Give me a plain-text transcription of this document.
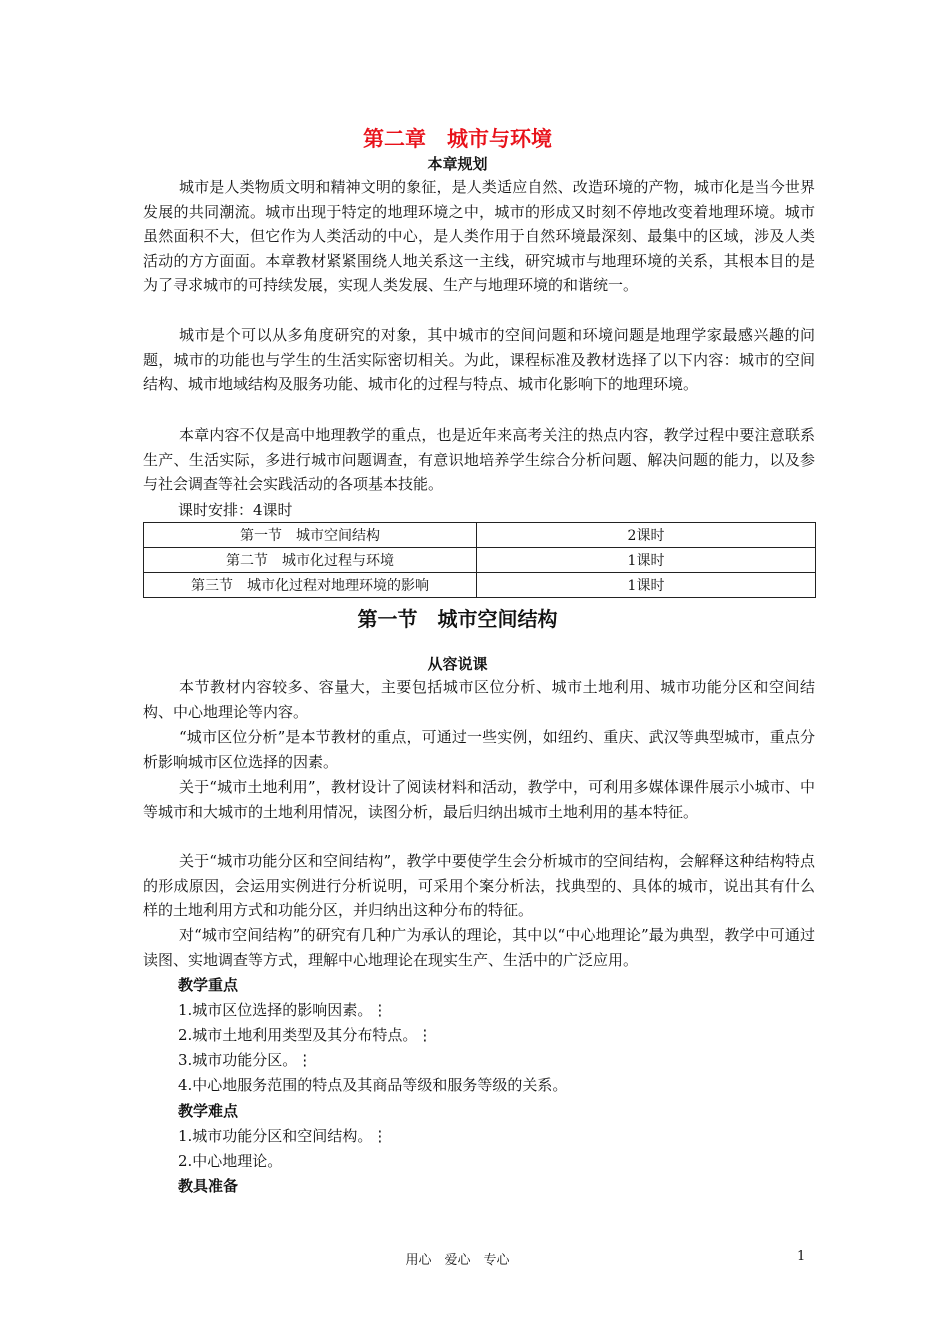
第二章　城市与环境
本章规划

城市是人类物质文明和精神文明的象征，是人类适应自然、改造环境的产物，城市化是当今世界发展的共同潮流。城市出现于特定的地理环境之中，城市的形成又时刻不停地改变着地理环境。城市虽然面积不大，但它作为人类活动的中心，是人类作用于自然环境最深刻、最集中的区域，涉及人类活动的方方面面。本章教材紧紧围绕人地关系这一主线，研究城市与地理环境的关系，其根本目的是为了寻求城市的可持续发展，实现人类发展、生产与地理环境的和谐统一。

城市是个可以从多角度研究的对象，其中城市的空间问题和环境问题是地理学家最感兴趣的问题，城市的功能也与学生的生活实际密切相关。为此，课程标准及教材选择了以下内容：城市的空间结构、城市地域结构及服务功能、城市化的过程与特点、城市化影响下的地理环境。

本章内容不仅是高中地理教学的重点，也是近年来高考关注的热点内容，教学过程中要注意联系生产、生活实际，多进行城市问题调查，有意识地培养学生综合分析问题、解决问题的能力，以及参与社会调查等社会实践活动的各项基本技能。

课时安排：4课时
第一节　城市空间结构	2课时
第二节　城市化过程与环境	1课时
第三节　城市化过程对地理环境的影响	1课时
第一节　城市空间结构
从容说课

本节教材内容较多、容量大，主要包括城市区位分析、城市土地利用、城市功能分区和空间结构、中心地理论等内容。

“城市区位分析”是本节教材的重点，可通过一些实例，如纽约、重庆、武汉等典型城市，重点分析影响城市区位选择的因素。

关于“城市土地利用”，教材设计了阅读材料和活动，教学中，可利用多媒体课件展示小城市、中等城市和大城市的土地利用情况，读图分析，最后归纳出城市土地利用的基本特征。

关于“城市功能分区和空间结构”，教学中要使学生会分析城市的空间结构，会解释这种结构特点的形成原因，会运用实例进行分析说明，可采用个案分析法，找典型的、具体的城市，说出其有什么样的土地利用方式和功能分区，并归纳出这种分布的特征。

对“城市空间结构”的研究有几种广为承认的理论，其中以“中心地理论”最为典型，教学中可通过读图、实地调查等方式，理解中心地理论在现实生产、生活中的广泛应用。

教学重点
1.城市区位选择的影响因素。⋮
2.城市土地利用类型及其分布特点。⋮
3.城市功能分区。⋮
4.中心地服务范围的特点及其商品等级和服务等级的关系。
教学难点
1.城市功能分区和空间结构。⋮
2.中心地理论。
教具准备
用心　爱心　专心	1
